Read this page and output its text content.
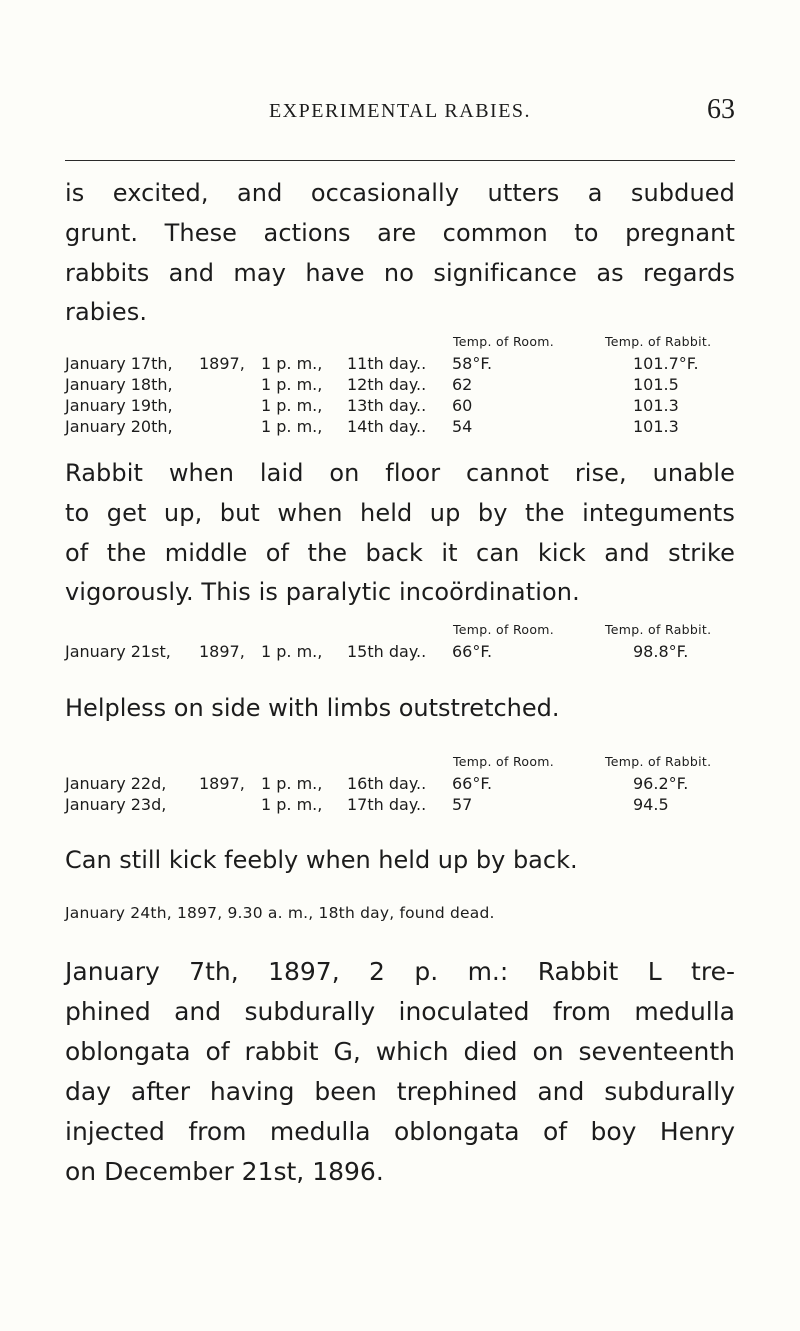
EXPERIMENTAL RABIES.	63

is excited, and occasionally utters a subdued
grunt. These actions are common to pregnant
rabbits and may have no significance as regards
rabies.

Temp. of Room.	Temp. of Rabbit.
January 17th, 1897, 1 p. m., 11th day.. 58°F.	101.7°F.
January 18th,	1 p. m., 12th day.. 62	101.5
January 19th,	1 p. m., 13th day.. 60	101.3
January 20th,	1 p. m., 14th day.. 54	101.3

Rabbit when laid on floor cannot rise, unable
to get up, but when held up by the integuments
of the middle of the back it can kick and strike
vigorously. This is paralytic incoördination.

Temp. of Room.	Temp. of Rabbit.
January 21st, 1897, 1 p. m., 15th day.. 66°F.	98.8°F.
Helpless on side with limbs outstretched.
Temp. of Room.	Temp. of Rabbit.
January 22d, 1897, 1 p. m., 16th day.. 66°F.	96.2°F.
January 23d,	1 p. m., 17th day.. 57	94.5
Can still kick feebly when held up by back.
January 24th, 1897, 9.30 a. m., 18th day, found dead.

January 7th, 1897, 2 p. m.: Rabbit L tre-
phined and subdurally inoculated from medulla
oblongata of rabbit G, which died on seventeenth
day after having been trephined and subdurally
injected from medulla oblongata of boy Henry
on December 21st, 1896.
